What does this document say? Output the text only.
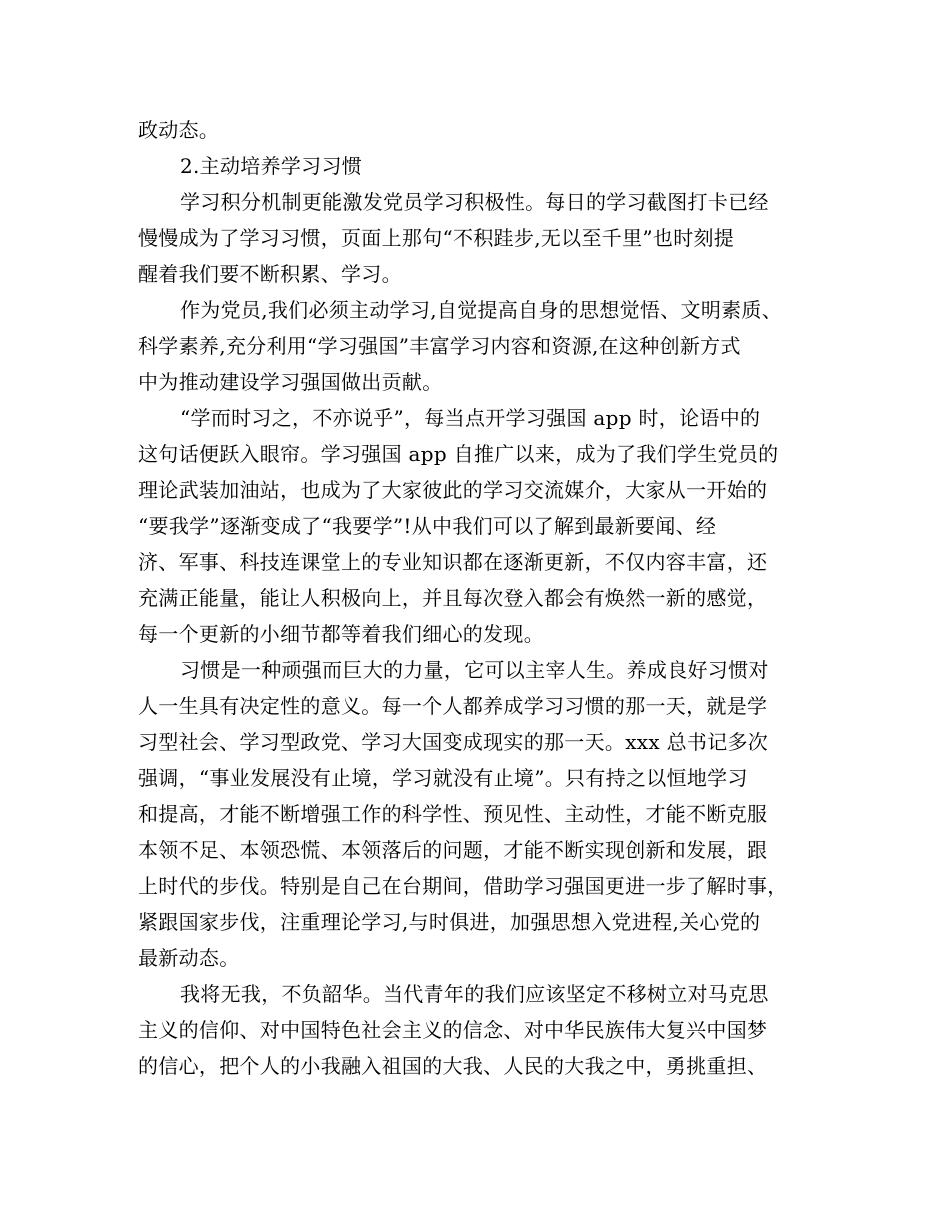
政动态。
2.主动培养学习习惯
学习积分机制更能激发党员学习积极性。每日的学习截图打卡已经
慢慢成为了学习习惯，页面上那句“不积跬步,无以至千里”也时刻提
醒着我们要不断积累、学习。
作为党员,我们必须主动学习,自觉提高自身的思想觉悟、文明素质、
科学素养,充分利用“学习强国”丰富学习内容和资源,在这种创新方式
中为推动建设学习强国做出贡献。
“学而时习之，不亦说乎”，每当点开学习强国 app 时，论语中的
这句话便跃入眼帘。学习强国 app 自推广以来，成为了我们学生党员的
理论武装加油站，也成为了大家彼此的学习交流媒介，大家从一开始的
“要我学”逐渐变成了“我要学”!从中我们可以了解到最新要闻、经
济、军事、科技连课堂上的专业知识都在逐渐更新，不仅内容丰富，还
充满正能量，能让人积极向上，并且每次登入都会有焕然一新的感觉，
每一个更新的小细节都等着我们细心的发现。
习惯是一种顽强而巨大的力量，它可以主宰人生。养成良好习惯对
人一生具有决定性的意义。每一个人都养成学习习惯的那一天，就是学
习型社会、学习型政党、学习大国变成现实的那一天。xxx 总书记多次
强调，“事业发展没有止境，学习就没有止境”。只有持之以恒地学习
和提高，才能不断增强工作的科学性、预见性、主动性，才能不断克服
本领不足、本领恐慌、本领落后的问题，才能不断实现创新和发展，跟
上时代的步伐。特别是自己在台期间，借助学习强国更进一步了解时事，
紧跟国家步伐，注重理论学习,与时俱进，加强思想入党进程,关心党的
最新动态。
我将无我，不负韶华。当代青年的我们应该坚定不移树立对马克思
主义的信仰、对中国特色社会主义的信念、对中华民族伟大复兴中国梦
的信心，把个人的小我融入祖国的大我、人民的大我之中，勇挑重担、
